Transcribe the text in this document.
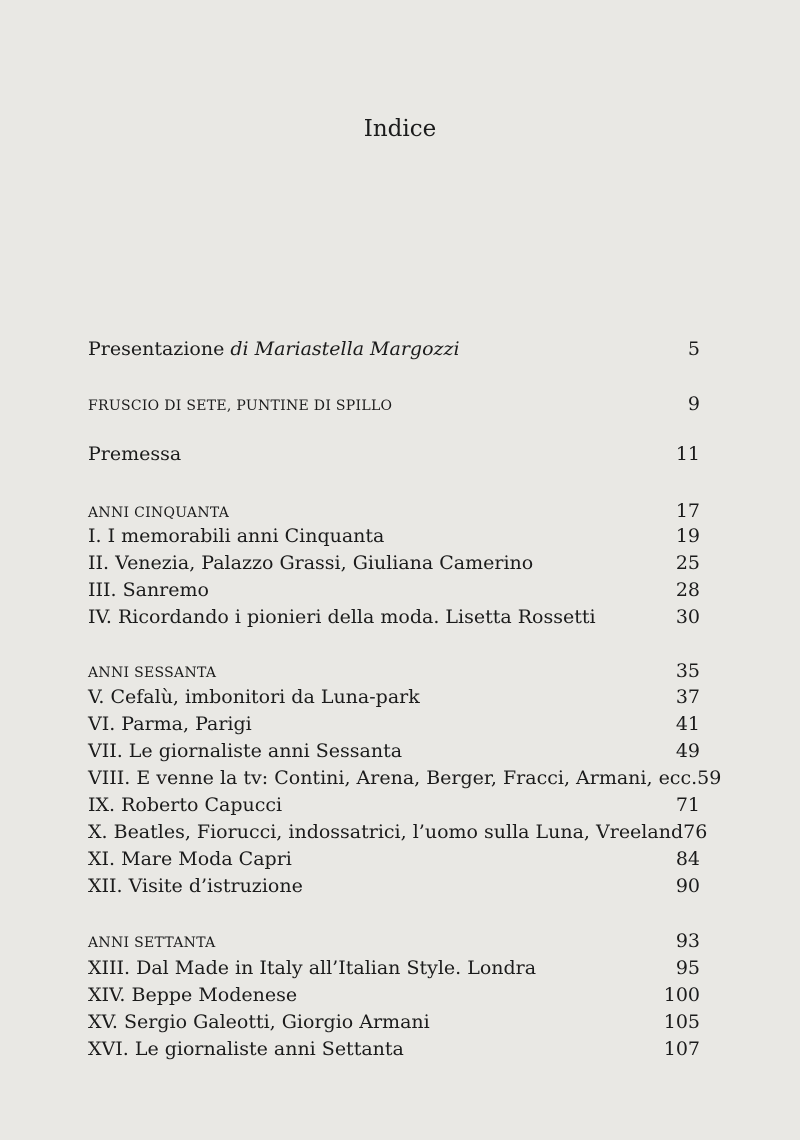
Indice
Presentazione di Mariastella Margozzi	5
FRUSCIO DI SETE, PUNTINE DI SPILLO	9
Premessa	11
ANNI CINQUANTA	17
I. I memorabili anni Cinquanta	19
II. Venezia, Palazzo Grassi, Giuliana Camerino	25
III. Sanremo	28
IV. Ricordando i pionieri della moda. Lisetta Rossetti	30
ANNI SESSANTA	35
V. Cefalù, imbonitori da Luna-park	37
VI. Parma, Parigi	41
VII. Le giornaliste anni Sessanta	49
VIII. E venne la tv: Contini, Arena, Berger, Fracci, Armani, ecc. 59
IX. Roberto Capucci	71
X. Beatles, Fiorucci, indossatrici, l’uomo sulla Luna, Vreeland 76
XI. Mare Moda Capri	84
XII. Visite d’istruzione	90
ANNI SETTANTA	93
XIII. Dal Made in Italy all’Italian Style. Londra	95
XIV. Beppe Modenese	100
XV. Sergio Galeotti, Giorgio Armani	105
XVI. Le giornaliste anni Settanta	107
